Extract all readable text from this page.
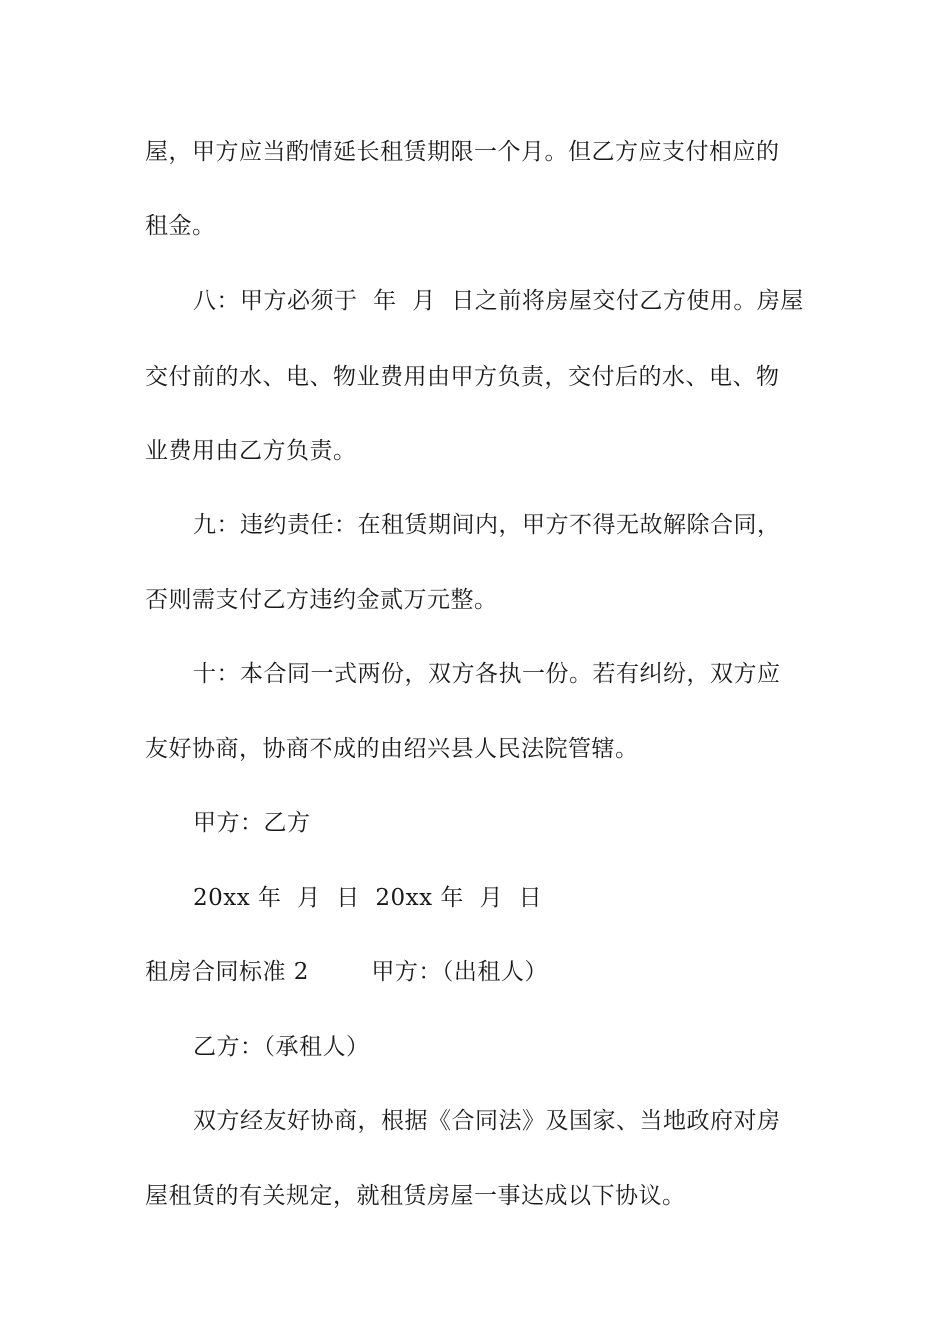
屋，甲方应当酌情延长租赁期限一个月。但乙方应支付相应的
租金。
八：甲方必须于  年  月  日之前将房屋交付乙方使用。房屋
交付前的水、电、物业费用由甲方负责，交付后的水、电、物
业费用由乙方负责。
九：违约责任：在租赁期间内，甲方不得无故解除合同，
否则需支付乙方违约金贰万元整。
十：本合同一式两份，双方各执一份。若有纠纷，双方应
友好协商，协商不成的由绍兴县人民法院管辖。
甲方：乙方
20xx 年  月  日  20xx 年  月  日
租房合同标准 2        甲方：（出租人）
乙方：（承租人）
双方经友好协商，根据《合同法》及国家、当地政府对房
屋租赁的有关规定，就租赁房屋一事达成以下协议。
